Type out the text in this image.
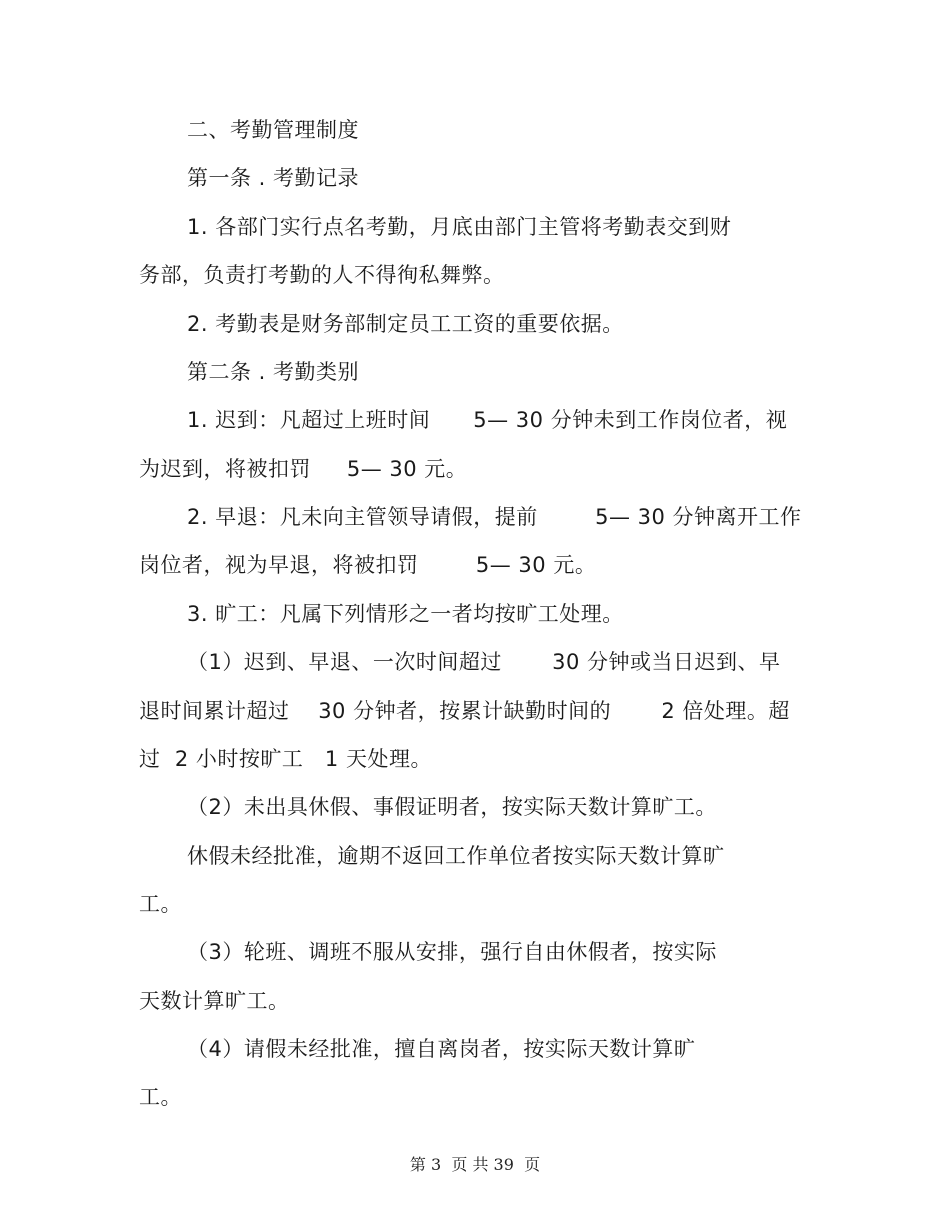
二、考勤管理制度
第一条 . 考勤记录
1. 各部门实行点名考勤，月底由部门主管将考勤表交到财
务部，负责打考勤的人不得徇私舞弊。
2. 考勤表是财务部制定员工工资的重要依据。
第二条 . 考勤类别
1. 迟到：凡超过上班时间      5— 30 分钟未到工作岗位者，视
为迟到，将被扣罚     5— 30 元。
2. 早退：凡未向主管领导请假，提前        5— 30 分钟离开工作
岗位者，视为早退，将被扣罚        5— 30 元。
3. 旷工：凡属下列情形之一者均按旷工处理。
（1）迟到、早退、一次时间超过       30 分钟或当日迟到、早
退时间累计超过    30 分钟者，按累计缺勤时间的       2 倍处理。超
过  2 小时按旷工   1 天处理。
（2）未出具休假、事假证明者，按实际天数计算旷工。
休假未经批准，逾期不返回工作单位者按实际天数计算旷
工。
（3）轮班、调班不服从安排，强行自由休假者，按实际
天数计算旷工。
（4）请假未经批准，擅自离岗者，按实际天数计算旷
工。
第 3  页 共 39  页
